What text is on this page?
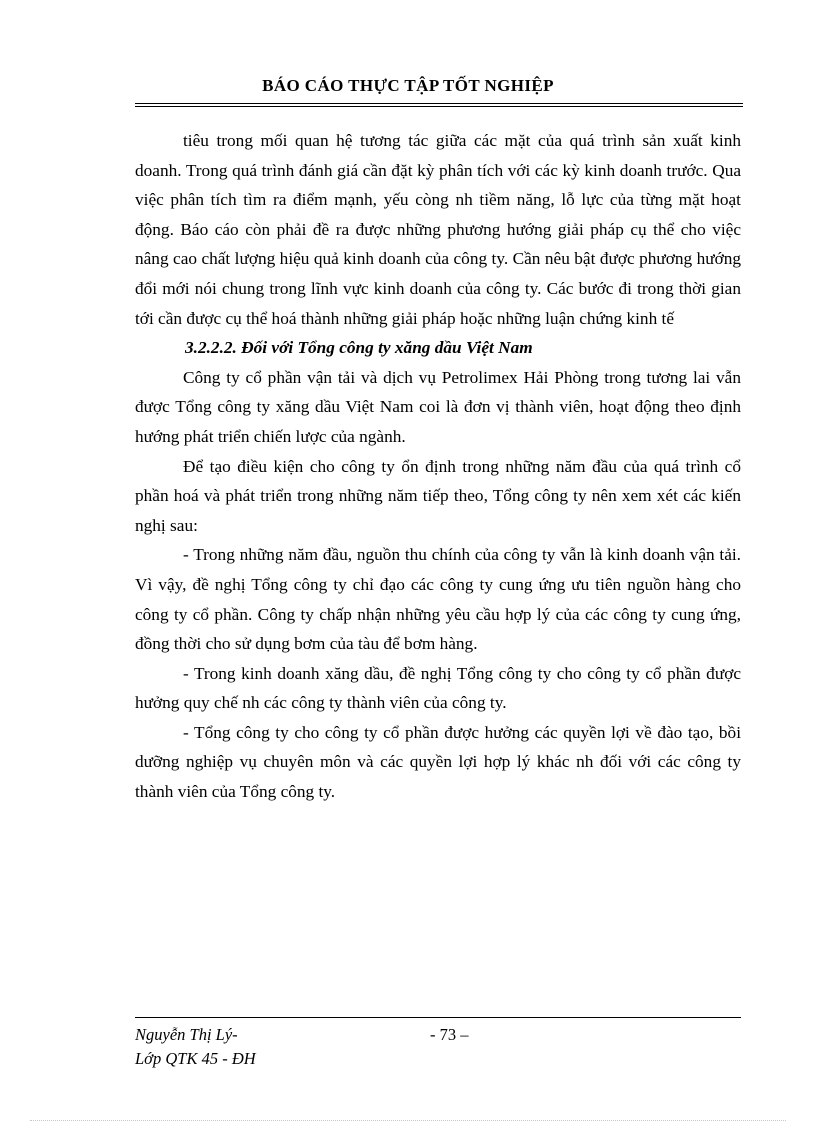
BÁO CÁO THỰC TẬP TỐT NGHIỆP

tiêu trong mối quan hệ tương tác giữa các mặt của quá trình sản xuất kinh doanh. Trong quá trình đánh giá cần đặt kỳ phân tích với các kỳ kinh doanh trước. Qua việc phân tích tìm ra điểm mạnh, yếu còng nh tiềm năng, lỗ lực của từng mặt hoạt động. Báo cáo còn phải đề ra được những phương hướng giải pháp cụ thể cho việc nâng cao chất lượng hiệu quả kinh doanh của công ty. Cần nêu bật được phương hướng đổi mới nói chung trong lĩnh vực kinh doanh của công ty. Các bước đi trong thời gian tới cần được cụ thể hoá thành những giải pháp hoặc những luận chứng kinh tế

3.2.2.2. Đối với Tổng công ty xăng dầu Việt Nam

Công ty cổ phần vận tải và dịch vụ Petrolimex Hải Phòng trong tương lai vẫn được Tổng công ty xăng dầu Việt Nam coi là đơn vị thành viên, hoạt động theo định hướng phát triển chiến lược của ngành.

Để tạo điều kiện cho công ty ổn định trong những năm đầu của quá trình cổ phần hoá và phát triển trong những năm tiếp theo, Tổng công ty nên xem xét các kiến nghị sau:

- Trong những năm đầu, nguồn thu chính của công ty vẫn là kinh doanh vận tải. Vì vậy, đề nghị Tổng công ty chỉ đạo các công ty cung ứng ưu tiên nguồn hàng cho công ty cổ phần. Công ty chấp nhận những yêu cầu hợp lý của các công ty cung ứng, đồng thời cho sử dụng bơm của tàu để bơm hàng.

- Trong kinh doanh xăng dầu, đề nghị Tổng công ty cho công ty cổ phần được hưởng quy chế nh các công ty thành viên của công ty.

- Tổng công ty cho công ty cổ phần được hưởng các quyền lợi về đào tạo, bồi dưỡng nghiệp vụ chuyên môn và các quyền lợi hợp lý khác nh đối với các công ty thành viên của Tổng công ty.

Nguyễn Thị Lý-	- 73 –
Lớp QTK 45 - ĐH
